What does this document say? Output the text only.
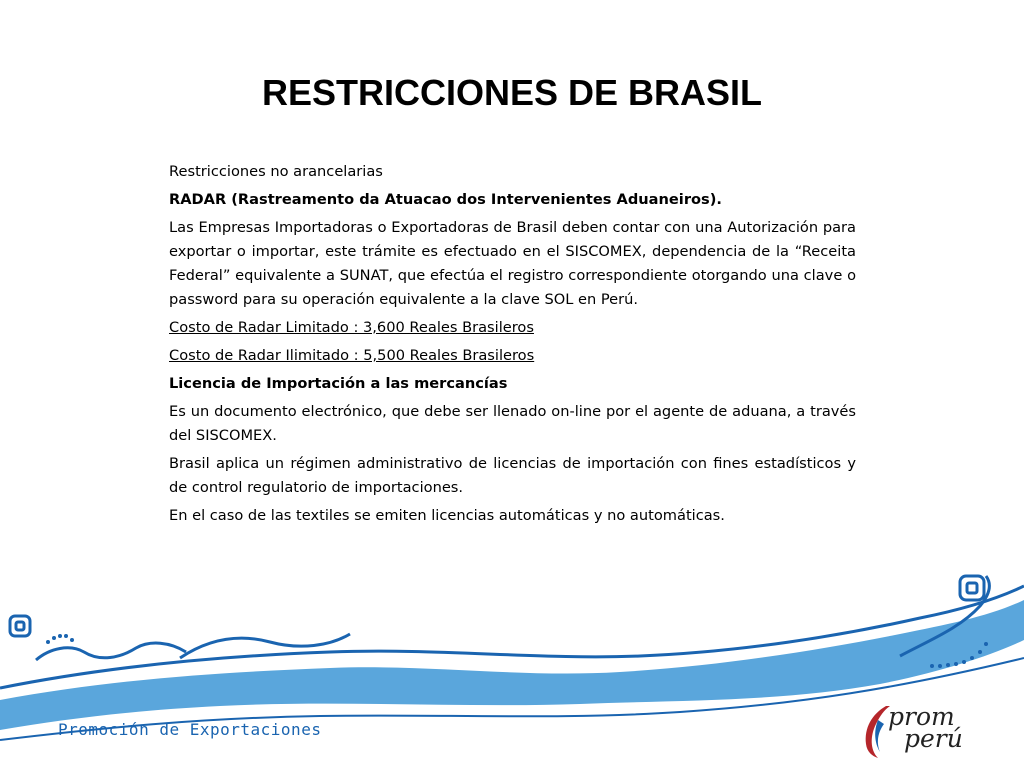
RESTRICCIONES DE BRASIL

Restricciones no arancelarias

RADAR (Rastreamento da Atuacao dos Intervenientes Aduaneiros).

Las Empresas Importadoras o Exportadoras de Brasil deben contar con una Autorización para exportar o importar, este trámite es efectuado en el SISCOMEX, dependencia de la “Receita Federal” equivalente a SUNAT, que efectúa el registro correspondiente otorgando una clave o password para su operación equivalente a la clave SOL en Perú.

Costo de Radar Limitado : 3,600 Reales Brasileros

Costo de Radar Ilimitado : 5,500 Reales Brasileros

Licencia de Importación a las mercancías

Es un documento electrónico, que debe ser llenado on-line por el agente de aduana, a través del SISCOMEX.

Brasil aplica un régimen administrativo de licencias de importación con fines estadísticos y de control regulatorio de importaciones.

En el caso de las textiles se emiten licencias automáticas y no automáticas.

Promoción de Exportaciones	prom
perú
